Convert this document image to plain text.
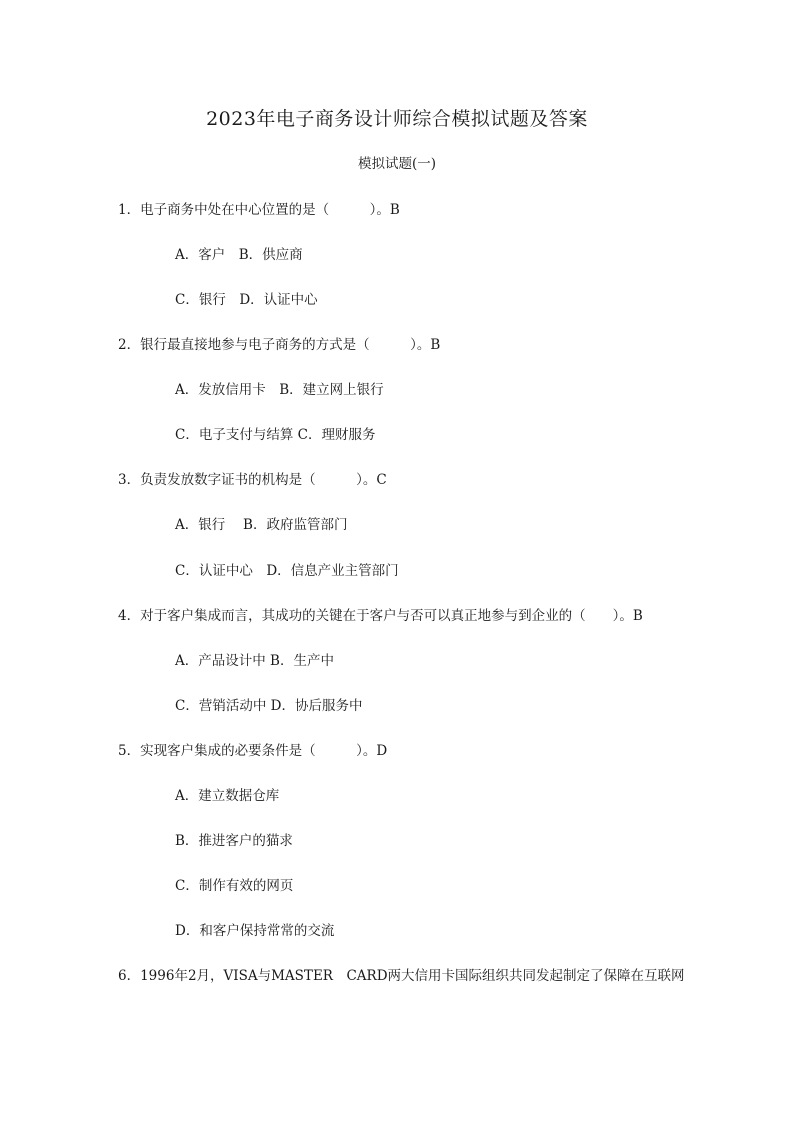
2023年电子商务设计师综合模拟试题及答案
模拟试题(一)
1．电子商务中处在中心位置的是（　　　）。B
A．客户　B．供应商
C．银行　D．认证中心
2．银行最直接地参与电子商务的方式是（　　　）。B
A．发放信用卡　B．建立网上银行
C．电子支付与结算 C．理财服务
3．负责发放数字证书的机构是（　　　）。C
A．银行　 B．政府监管部门
C．认证中心　D．信息产业主管部门
4．对于客户集成而言，其成功的关键在于客户与否可以真正地参与到企业的（　　）。B
A．产品设计中 B．生产中
C．营销活动中 D．协后服务中
5．实现客户集成的必要条件是（　　　）。D
A．建立数据仓库
B．推进客户的猫求
C．制作有效的网页
D．和客户保持常常的交流
6．1996年2月，VISA与MASTER　CARD两大信用卡国际组织共同发起制定了保障在互联网
